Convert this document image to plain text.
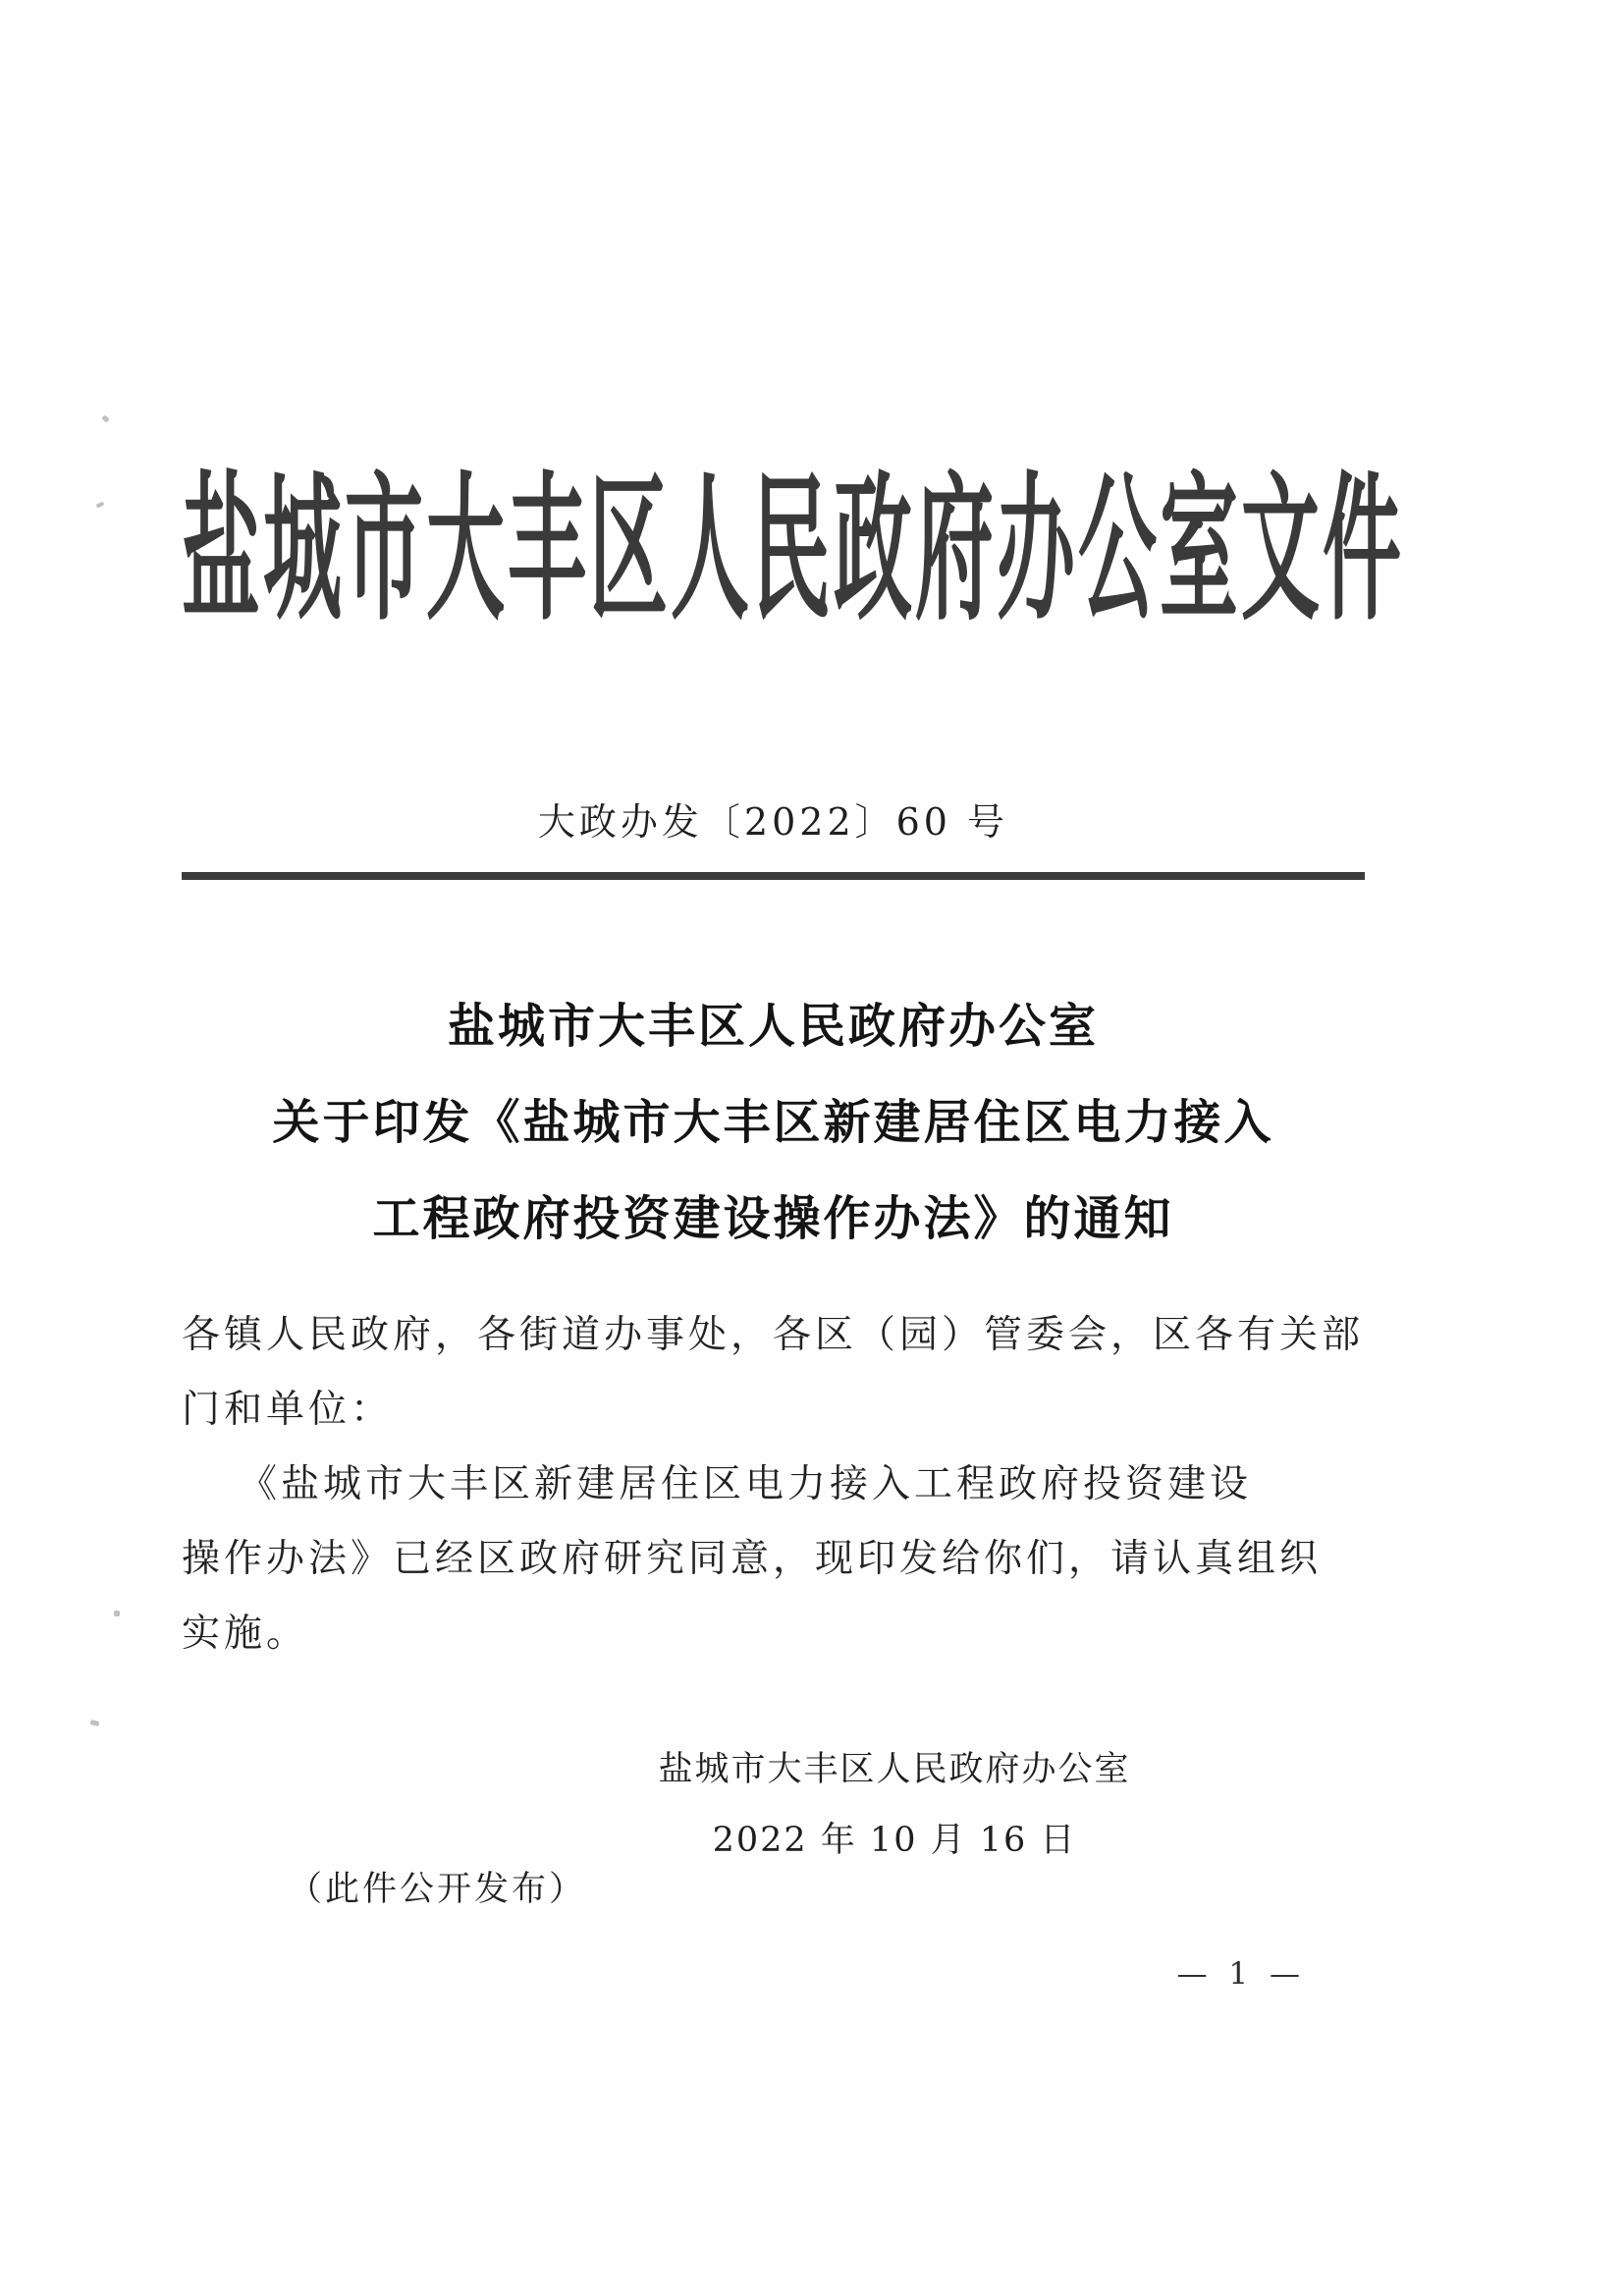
盐城市大丰区人民政府办公室文件
大政办发〔2022〕60 号
盐城市大丰区人民政府办公室
关于印发《盐城市大丰区新建居住区电力接入
工程政府投资建设操作办法》的通知
各镇人民政府，各街道办事处，各区（园）管委会，区各有关部
门和单位：
《盐城市大丰区新建居住区电力接入工程政府投资建设
操作办法》已经区政府研究同意，现印发给你们，请认真组织
实施。
盐城市大丰区人民政府办公室
2022 年 10 月 16 日
（此件公开发布）
— 1 —
